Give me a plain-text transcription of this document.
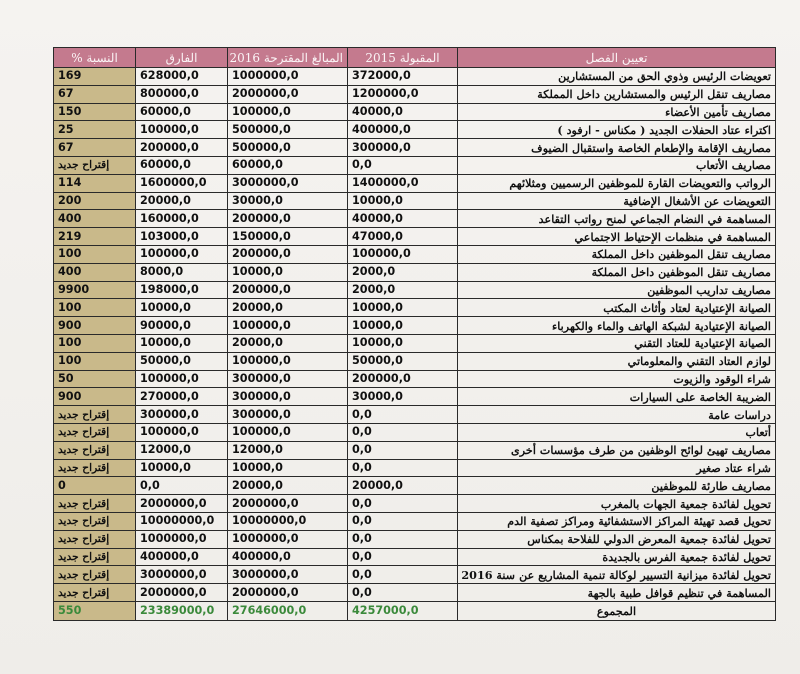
تعيين الفصل	المقبولة 2015	المبالغ المقترحة 2016	الفارق	النسبة %
تعويضات الرئيس وذوي الحق من المستشارين	372000,0	1000000,0	628000,0	169
مصاريف تنقل الرئيس والمستشارين داخل المملكة	1200000,0	2000000,0	800000,0	67
مصاريف تأمين الأعضاء	40000,0	100000,0	60000,0	150
اكتراء عتاد الحفلات الجديد ( مكناس - ارفود )	400000,0	500000,0	100000,0	25
مصاريف الإقامة والإطعام الخاصة واستقبال الضيوف	300000,0	500000,0	200000,0	67
مصاريف الأتعاب	0,0	60000,0	60000,0	إقتراح جديد
الرواتب والتعويضات القارة للموظفين الرسميين ومثلائهم	1400000,0	3000000,0	1600000,0	114
التعويضات عن الأشغال الإضافية	10000,0	30000,0	20000,0	200
المساهمة في النضام الجماعي لمنح رواتب التقاعد	40000,0	200000,0	160000,0	400
المساهمة في منظمات الإحتياط الاجتماعي	47000,0	150000,0	103000,0	219
مصاريف تنقل الموظفين داخل المملكة	100000,0	200000,0	100000,0	100
مصاريف تنقل الموظفين داخل المملكة	2000,0	10000,0	8000,0	400
مصاريف تداريب الموظفين	2000,0	200000,0	198000,0	9900
الصيانة الإعتيادية لعتاد وأثاث المكتب	10000,0	20000,0	10000,0	100
الصيانة الإعتيادية لشبكة الهاتف والماء والكهرباء	10000,0	100000,0	90000,0	900
الصيانة الإعتيادية للعتاد التقني	10000,0	20000,0	10000,0	100
لوازم العتاد التقني والمعلوماتي	50000,0	100000,0	50000,0	100
شراء الوقود والزيوت	200000,0	300000,0	100000,0	50
الضريبة الخاصة على السيارات	30000,0	300000,0	270000,0	900
دراسات عامة	0,0	300000,0	300000,0	إقتراح جديد
أتعاب	0,0	100000,0	100000,0	إقتراح جديد
مصاريف تهيئ لوائح الوظفين من طرف مؤسسات أخرى	0,0	12000,0	12000,0	إقتراح جديد
شراء عتاد صغير	0,0	10000,0	10000,0	إقتراح جديد
مصاريف طارئة للموظفين	20000,0	20000,0	0,0	0
تحويل لفائدة جمعية الجهات بالمغرب	0,0	2000000,0	2000000,0	إقتراح جديد
تحويل قصد تهيئة المراكز الاستشفائية ومراكز تصفية الدم	0,0	10000000,0	10000000,0	إقتراح جديد
تحويل لفائدة جمعية المعرض الدولي للفلاحة بمكناس	0,0	1000000,0	1000000,0	إقتراح جديد
تحويل لفائدة جمعية الفرس بالجديدة	0,0	400000,0	400000,0	إقتراح جديد
تحويل لفائدة ميزانية التسيير لوكالة تنمية المشاريع عن سنة 2016	0,0	3000000,0	3000000,0	إقتراح جديد
المساهمة في تنظيم قوافل طبية بالجهة	0,0	2000000,0	2000000,0	إقتراح جديد
المجموع	4257000,0	27646000,0	23389000,0	550
